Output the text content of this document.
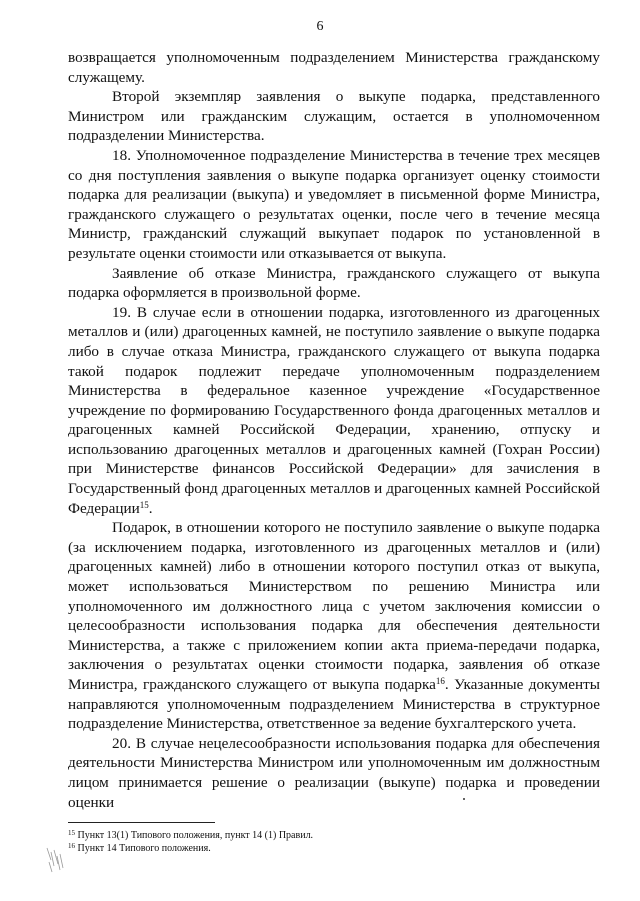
6

возвращается уполномоченным подразделением Министерства гражданскому служащему.

Второй экземпляр заявления о выкупе подарка, представленного Министром или гражданским служащим, остается в уполномоченном подразделении Министерства.

18. Уполномоченное подразделение Министерства в течение трех месяцев со дня поступления заявления о выкупе подарка организует оценку стоимости подарка для реализации (выкупа) и уведомляет в письменной форме Министра, гражданского служащего о результатах оценки, после чего в течение месяца Министр, гражданский служащий выкупает подарок по установленной в результате оценки стоимости или отказывается от выкупа.

Заявление об отказе Министра, гражданского служащего от выкупа подарка оформляется в произвольной форме.

19. В случае если в отношении подарка, изготовленного из драгоценных металлов и (или) драгоценных камней, не поступило заявление о выкупе подарка либо в случае отказа Министра, гражданского служащего от выкупа подарка такой подарок подлежит передаче уполномоченным подразделением Министерства в федеральное казенное учреждение «Государственное учреждение по формированию Государственного фонда драгоценных металлов и драгоценных камней Российской Федерации, хранению, отпуску и использованию драгоценных металлов и драгоценных камней (Гохран России) при Министерстве финансов Российской Федерации» для зачисления в Государственный фонд драгоценных металлов и драгоценных камней Российской Федерации$^{15}$.

Подарок, в отношении которого не поступило заявление о выкупе подарка (за исключением подарка, изготовленного из драгоценных металлов и (или) драгоценных камней) либо в отношении которого поступил отказ от выкупа, может использоваться Министерством по решению Министра или уполномоченного им должностного лица с учетом заключения комиссии о целесообразности использования подарка для обеспечения деятельности Министерства, а также с приложением копии акта приема-передачи подарка, заключения о результатах оценки стоимости подарка, заявления об отказе Министра, гражданского служащего от выкупа подарка$^{16}$. Указанные документы направляются уполномоченным подразделением Министерства в структурное подразделение Министерства, ответственное за ведение бухгалтерского учета.

20. В случае нецелесообразности использования подарка для обеспечения деятельности Министерства Министром или уполномоченным им должностным лицом принимается решение о реализации (выкупе) подарка и проведении оценки

$^{15}$ Пункт 13(1) Типового положения, пункт 14 (1) Правил.
$^{16}$ Пункт 14 Типового положения.
